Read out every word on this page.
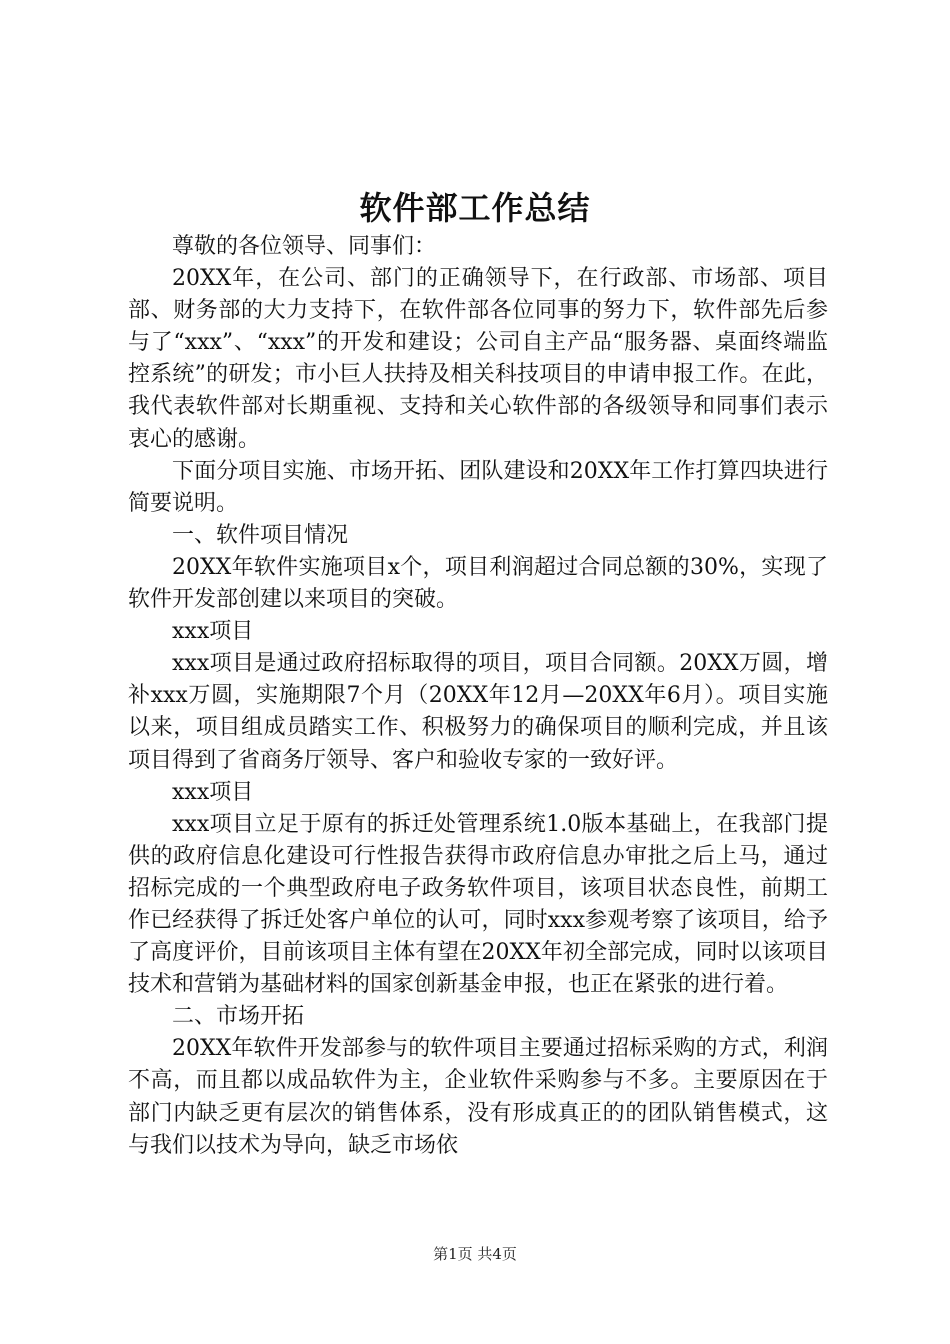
软件部工作总结

尊敬的各位领导、同事们：

20XX年，在公司、部门的正确领导下，在行政部、市场部、项目部、财务部的大力支持下，在软件部各位同事的努力下，软件部先后参与了“xxx”、“xxx”的开发和建设；公司自主产品“服务器、桌面终端监控系统”的研发；市小巨人扶持及相关科技项目的申请申报工作。在此，我代表软件部对长期重视、支持和关心软件部的各级领导和同事们表示衷心的感谢。

下面分项目实施、市场开拓、团队建设和20XX年工作打算四块进行简要说明。

一、软件项目情况

20XX年软件实施项目x个，项目利润超过合同总额的30%，实现了软件开发部创建以来项目的突破。

xxx项目

xxx项目是通过政府招标取得的项目，项目合同额。20XX万圆，增补xxx万圆，实施期限7个月（20XX年12月—20XX年6月）。项目实施以来，项目组成员踏实工作、积极努力的确保项目的顺利完成，并且该项目得到了省商务厅领导、客户和验收专家的一致好评。

xxx项目

xxx项目立足于原有的拆迁处管理系统1.0版本基础上，在我部门提供的政府信息化建设可行性报告获得市政府信息办审批之后上马，通过招标完成的一个典型政府电子政务软件项目，该项目状态良性，前期工作已经获得了拆迁处客户单位的认可，同时xxx参观考察了该项目，给予了高度评价，目前该项目主体有望在20XX年初全部完成，同时以该项目技术和营销为基础材料的国家创新基金申报，也正在紧张的进行着。

二、市场开拓

20XX年软件开发部参与的软件项目主要通过招标采购的方式，利润不高，而且都以成品软件为主，企业软件采购参与不多。主要原因在于部门内缺乏更有层次的销售体系，没有形成真正的的团队销售模式，这与我们以技术为导向，缺乏市场依

第1页 共4页
